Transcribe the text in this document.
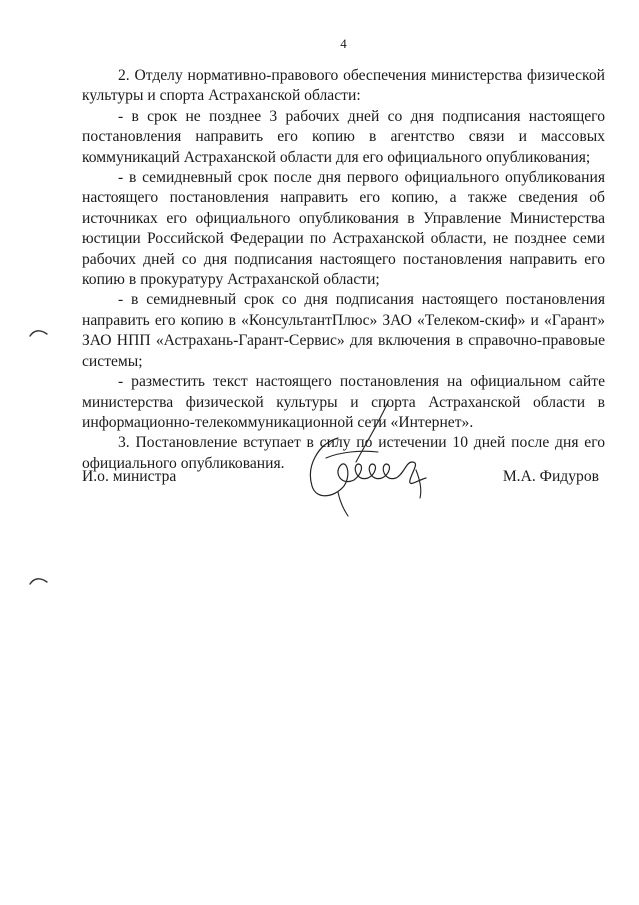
4

2. Отделу нормативно-правового обеспечения министерства физической культуры и спорта Астраханской области:

- в срок не позднее 3 рабочих дней со дня подписания настоящего постановления направить его копию в агентство связи и массовых коммуникаций Астраханской области для его официального опубликования;

- в семидневный срок после дня первого официального опубликования настоящего постановления направить его копию, а также сведения об источниках его официального опубликования в Управление Министерства юстиции Российской Федерации по Астраханской области, не позднее семи рабочих дней со дня подписания настоящего постановления направить его копию в прокуратуру Астраханской области;

- в семидневный срок со дня подписания настоящего постановления направить его копию в «КонсультантПлюс» ЗАО «Телеком-скиф» и «Гарант» ЗАО НПП «Астрахань-Гарант-Сервис» для включения в справочно-правовые системы;

- разместить текст настоящего постановления на официальном сайте министерства физической культуры и спорта Астраханской области в информационно-телекоммуникационной сети «Интернет».

3. Постановление вступает в силу по истечении 10 дней после дня его официального опубликования.

И.о. министра	М.А. Фидуров
